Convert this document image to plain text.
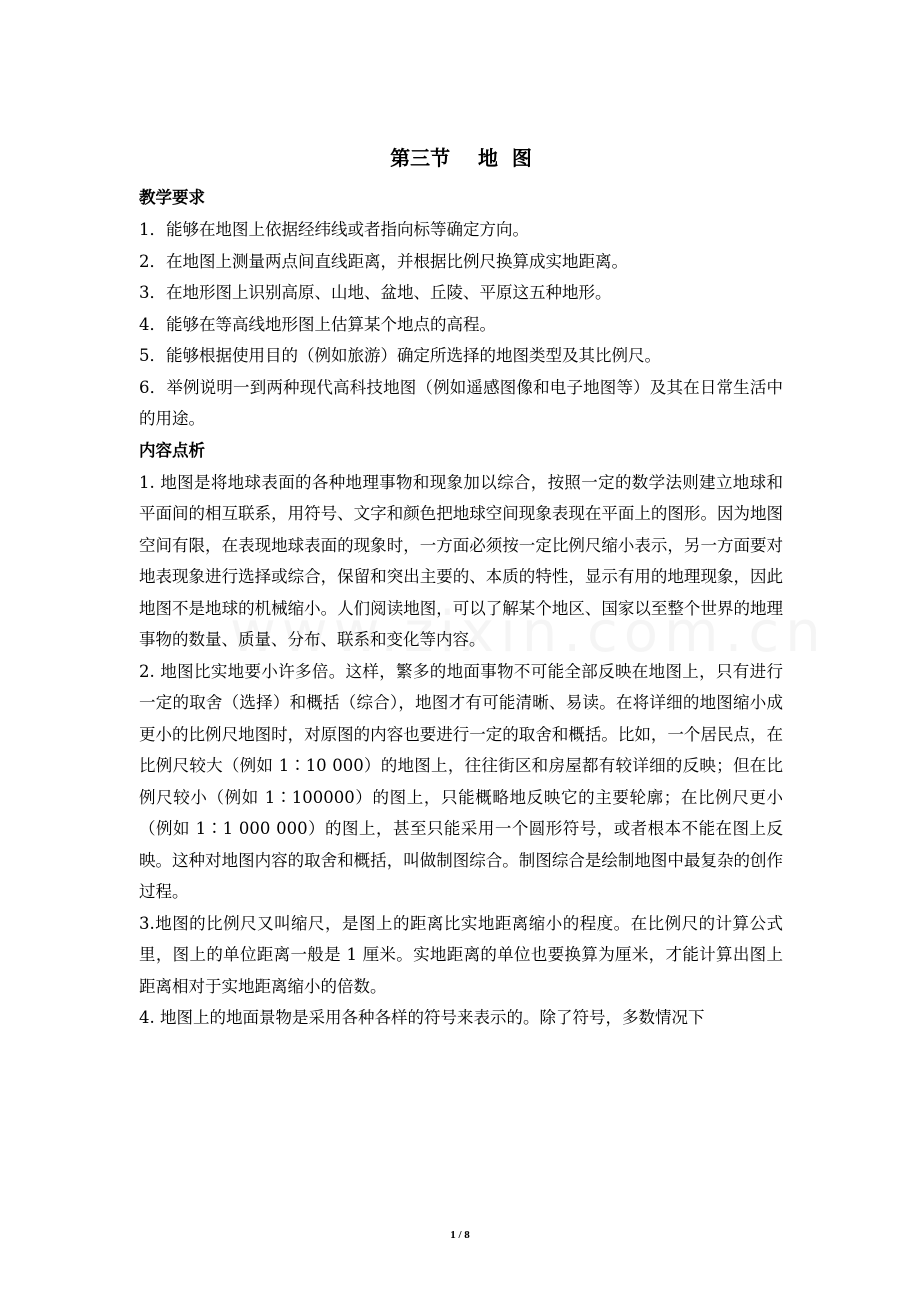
第三节    地  图
教学要求
1．能够在地图上依据经纬线或者指向标等确定方向。
2．在地图上测量两点间直线距离，并根据比例尺换算成实地距离。
3．在地形图上识别高原、山地、盆地、丘陵、平原这五种地形。
4．能够在等高线地形图上估算某个地点的高程。
5．能够根据使用目的（例如旅游）确定所选择的地图类型及其比例尺。
6．举例说明一到两种现代高科技地图（例如遥感图像和电子地图等）及其在日常生活中的用途。
内容点析
1. 地图是将地球表面的各种地理事物和现象加以综合，按照一定的数学法则建立地球和平面间的相互联系，用符号、文字和颜色把地球空间现象表现在平面上的图形。因为地图空间有限，在表现地球表面的现象时，一方面必须按一定比例尺缩小表示，另一方面要对地表现象进行选择或综合，保留和突出主要的、本质的特性，显示有用的地理现象，因此地图不是地球的机械缩小。人们阅读地图，可以了解某个地区、国家以至整个世界的地理事物的数量、质量、分布、联系和变化等内容。
2. 地图比实地要小许多倍。这样，繁多的地面事物不可能全部反映在地图上，只有进行一定的取舍（选择）和概括（综合），地图才有可能清晰、易读。在将详细的地图缩小成更小的比例尺地图时，对原图的内容也要进行一定的取舍和概括。比如，一个居民点，在比例尺较大（例如 1∶10 000）的地图上，往往街区和房屋都有较详细的反映；但在比例尺较小（例如 1∶100000）的图上，只能概略地反映它的主要轮廓；在比例尺更小（例如 1∶1 000 000）的图上，甚至只能采用一个圆形符号，或者根本不能在图上反映。这种对地图内容的取舍和概括，叫做制图综合。制图综合是绘制地图中最复杂的创作过程。
3.地图的比例尺又叫缩尺，是图上的距离比实地距离缩小的程度。在比例尺的计算公式里，图上的单位距离一般是 1 厘米。实地距离的单位也要换算为厘米，才能计算出图上距离相对于实地距离缩小的倍数。
4. 地图上的地面景物是采用各种各样的符号来表示的。除了符号，多数情况下
1 / 8
